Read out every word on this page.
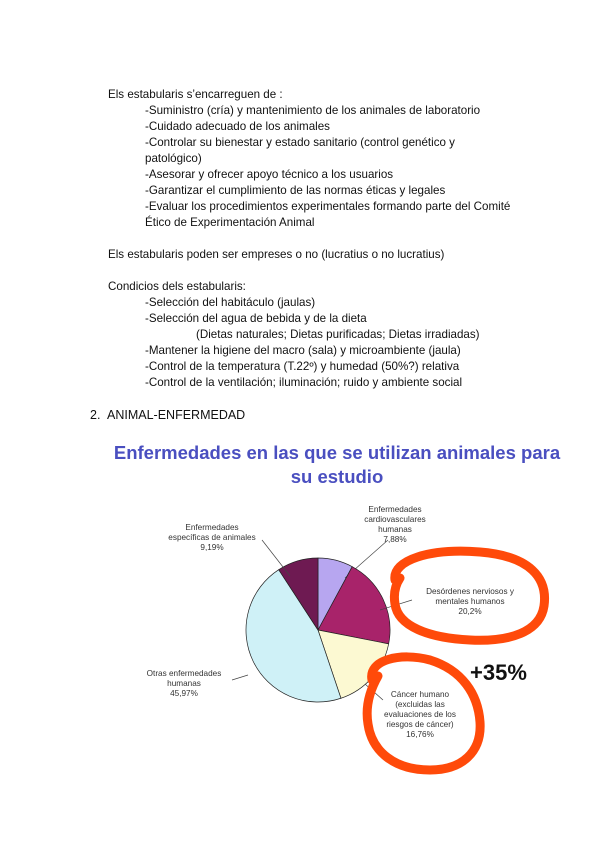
Els estabularis s’encarreguen de :
-Suministro (cría) y mantenimiento de los animales de laboratorio
-Cuidado adecuado de los animales
-Controlar su bienestar y estado sanitario (control genético y
patológico)
-Asesorar y ofrecer apoyo técnico a los usuarios
-Garantizar el cumplimiento de las normas éticas y legales
-Evaluar los procedimientos experimentales formando parte del Comité
Ético de Experimentación Animal
Els estabularis poden ser empreses o no (lucratius o no lucratius)
Condicios dels estabularis:
-Selección del habitáculo (jaulas)
-Selección del agua de bebida y de la dieta
(Dietas naturales; Dietas purificadas; Dietas irradiadas)
-Mantener la higiene del macro (sala) y microambiente (jaula)
-Control de la temperatura (T.22º) y humedad (50%?) relativa
-Control de la ventilación; iluminación; ruido y ambiente social
2. ANIMAL-ENFERMEDAD
Enfermedades en las que se utilizan animales para
su estudio
Enfermedades
cardiovasculares
humanas
7,88%
Desórdenes nerviosos y
mentales humanos
20,2%
Cáncer humano
(excluidas las
evaluaciones de los
riesgos de cáncer)
16,76%
Otras enfermedades
humanas
45,97%
Enfermedades
específicas de animales
9,19%
+35%
